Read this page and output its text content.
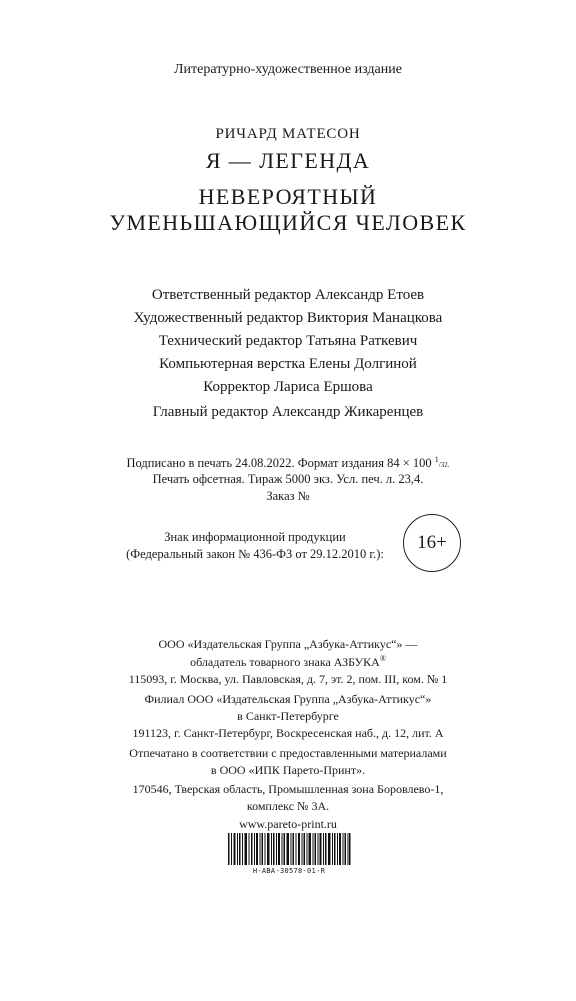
Литературно-художественное издание
РИЧАРД МАТЕСОН
Я — ЛЕГЕНДА
НЕВЕРОЯТНЫЙ
УМЕНЬШАЮЩИЙСЯ ЧЕЛОВЕК
Ответственный редактор Александр Етоев
Художественный редактор Виктория Манацкова
Технический редактор Татьяна Раткевич
Компьютерная верстка Елены Долгиной
Корректор Лариса Ершова
Главный редактор Александр Жикаренцев
Подписано в печать 24.08.2022. Формат издания 84 × 100 $^1$/32.
Печать офсетная. Тираж 5000 экз. Усл. печ. л. 23,4.
Заказ №
Знак информационной продукции
(Федеральный закон № 436-ФЗ от 29.12.2010 г.):
16+
ООО «Издательская Группа „Азбука-Аттикус“» —
обладатель товарного знака АЗБУКА®
115093, г. Москва, ул. Павловская, д. 7, эт. 2, пом. III, ком. № 1
Филиал ООО «Издательская Группа „Азбука-Аттикус“»
в Санкт-Петербурге
191123, г. Санкт-Петербург, Воскресенская наб., д. 12, лит. А
Отпечатано в соответствии с предоставленными материалами
в ООО «ИПК Парето-Принт».
170546, Тверская область, Промышленная зона Боровлево-1,
комплекс № 3А.
www.pareto-print.ru
Н-АВА-30578-01-R
